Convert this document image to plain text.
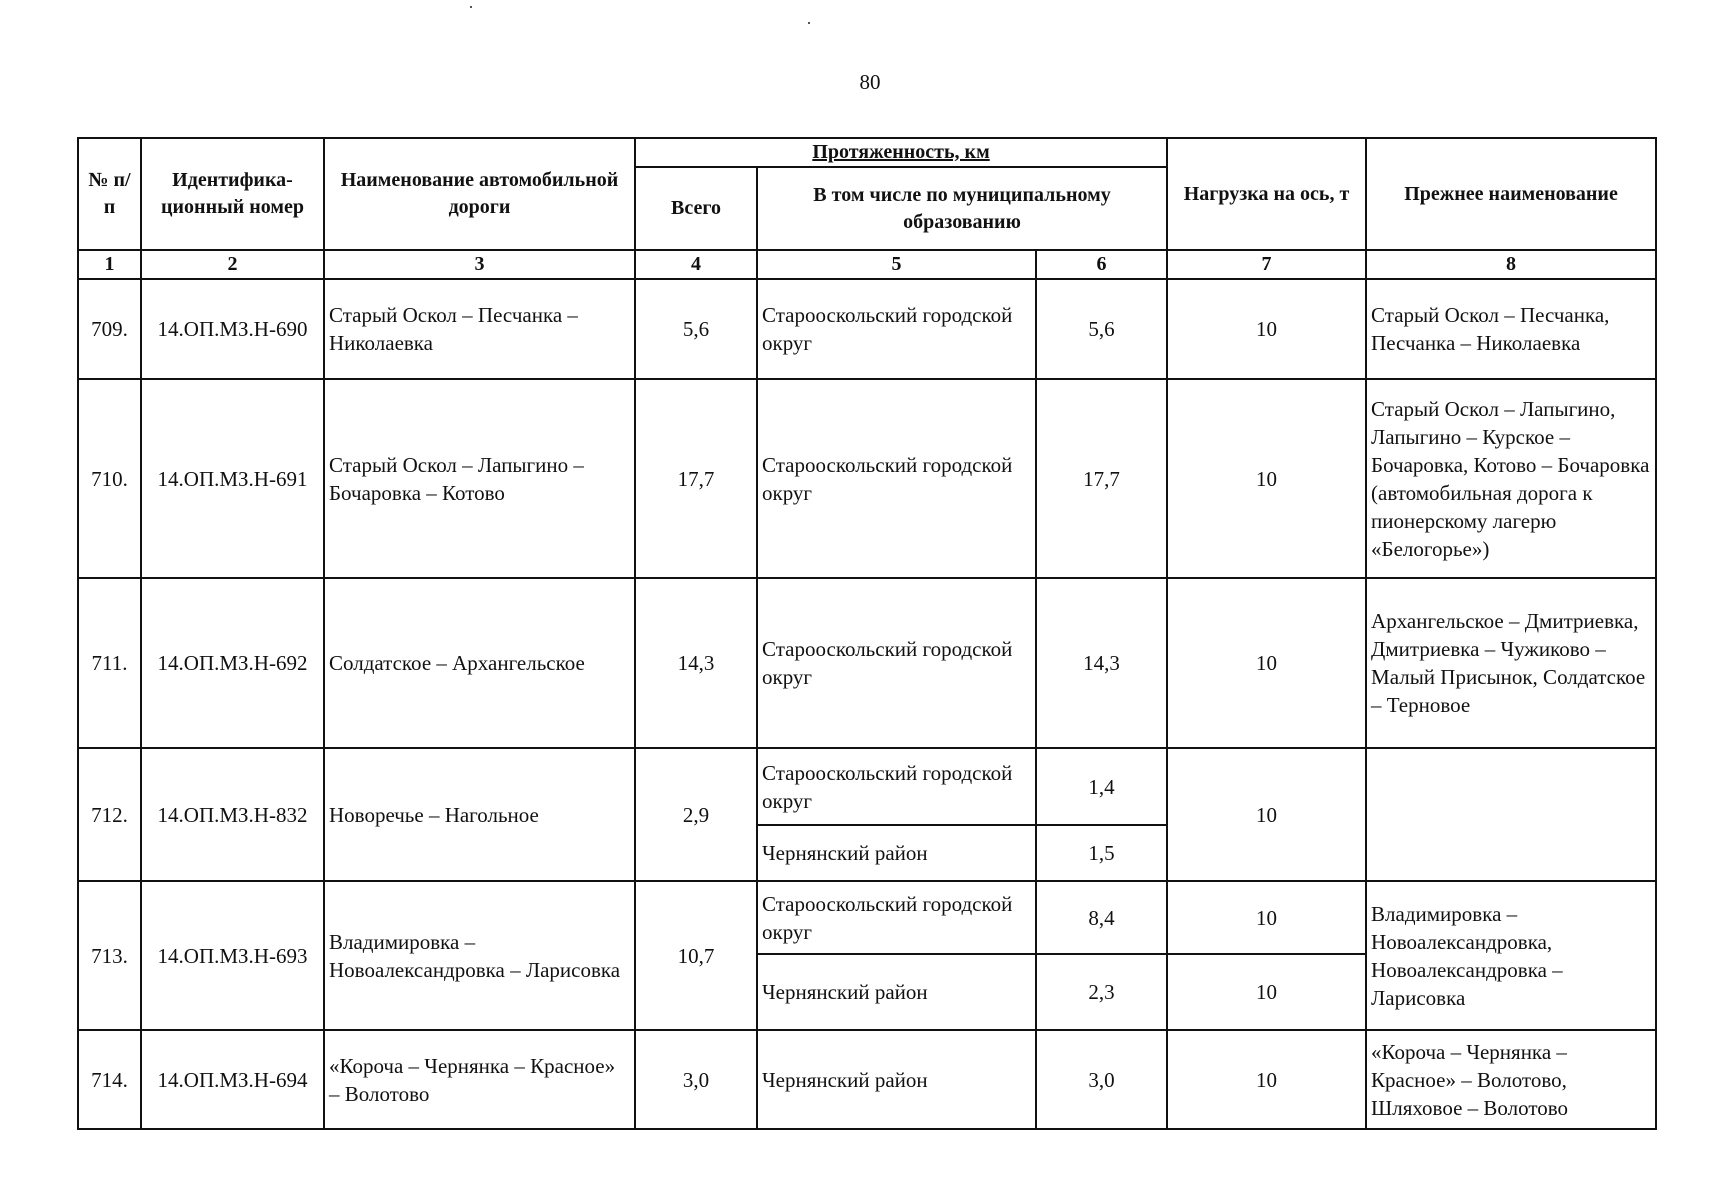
80
№ п/п	Идентифика-ционный номер	Наименование автомобильной дороги	Протяженность, км			Нагрузка на ось, т	Прежнее наименование
			Всего	В том числе по муниципальному образованию			
1	2	3	4	5	6	7	8
709.	14.ОП.МЗ.Н-690	Старый Оскол – Песчанка – Николаевка	5,6	Старооскольский городской округ	5,6	10	Старый Оскол – Песчанка, Песчанка – Николаевка
710.	14.ОП.МЗ.Н-691	Старый Оскол – Лапыгино – Бочаровка – Котово	17,7	Старооскольский городской округ	17,7	10	Старый Оскол – Лапыгино, Лапыгино – Курское – Бочаровка, Котово – Бочаровка (автомобильная дорога к пионерскому лагерю «Белогорье»)
711.	14.ОП.МЗ.Н-692	Солдатское – Архангельское	14,3	Старооскольский городской округ	14,3	10	Архангельское – Дмитриевка, Дмитриевка – Чужиково – Малый Присынок, Солдатское – Терновое
712.	14.ОП.МЗ.Н-832	Новоречье – Нагольное	2,9	Старооскольский городской округ	1,4	10	
				Чернянский район	1,5		
713.	14.ОП.МЗ.Н-693	Владимировка – Новоалександровка – Ларисовка	10,7	Старооскольский городской округ	8,4	10	Владимировка – Новоалександровка, Новоалександровка – Ларисовка
				Чернянский район	2,3	10	
714.	14.ОП.МЗ.Н-694	«Короча – Чернянка – Красное» – Волотово	3,0	Чернянский район	3,0	10	«Короча – Чернянка – Красное» – Волотово, Шляховое – Волотово
